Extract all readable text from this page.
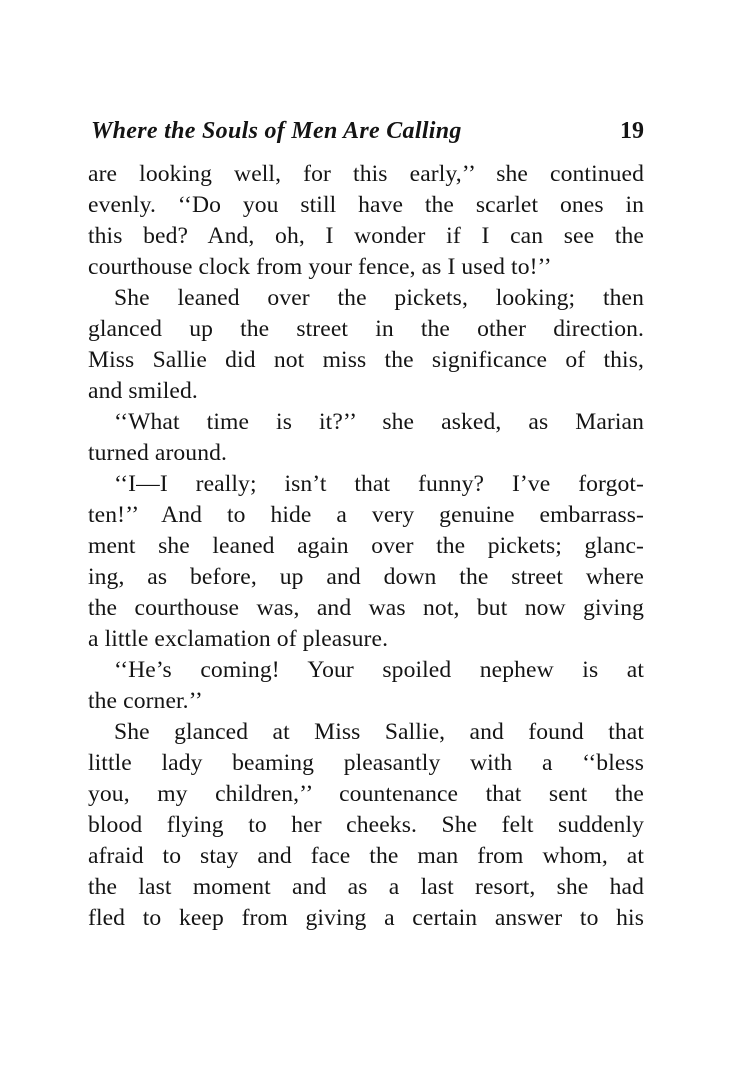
Where the Souls of Men Are Calling	19
are looking well, for this early,’’ she continued
evenly. ‘‘Do you still have the scarlet ones in
this bed? And, oh, I wonder if I can see the
courthouse clock from your fence, as I used to!’’
She leaned over the pickets, looking; then
glanced up the street in the other direction.
Miss Sallie did not miss the significance of this,
and smiled.
‘‘What time is it?’’ she asked, as Marian
turned around.
‘‘I—I really; isn’t that funny? I’ve forgot-
ten!’’ And to hide a very genuine embarrass-
ment she leaned again over the pickets; glanc-
ing, as before, up and down the street where
the courthouse was, and was not, but now giving
a little exclamation of pleasure.
‘‘He’s coming! Your spoiled nephew is at
the corner.’’
She glanced at Miss Sallie, and found that
little lady beaming pleasantly with a ‘‘bless
you, my children,’’ countenance that sent the
blood flying to her cheeks. She felt suddenly
afraid to stay and face the man from whom, at
the last moment and as a last resort, she had
fled to keep from giving a certain answer to his
